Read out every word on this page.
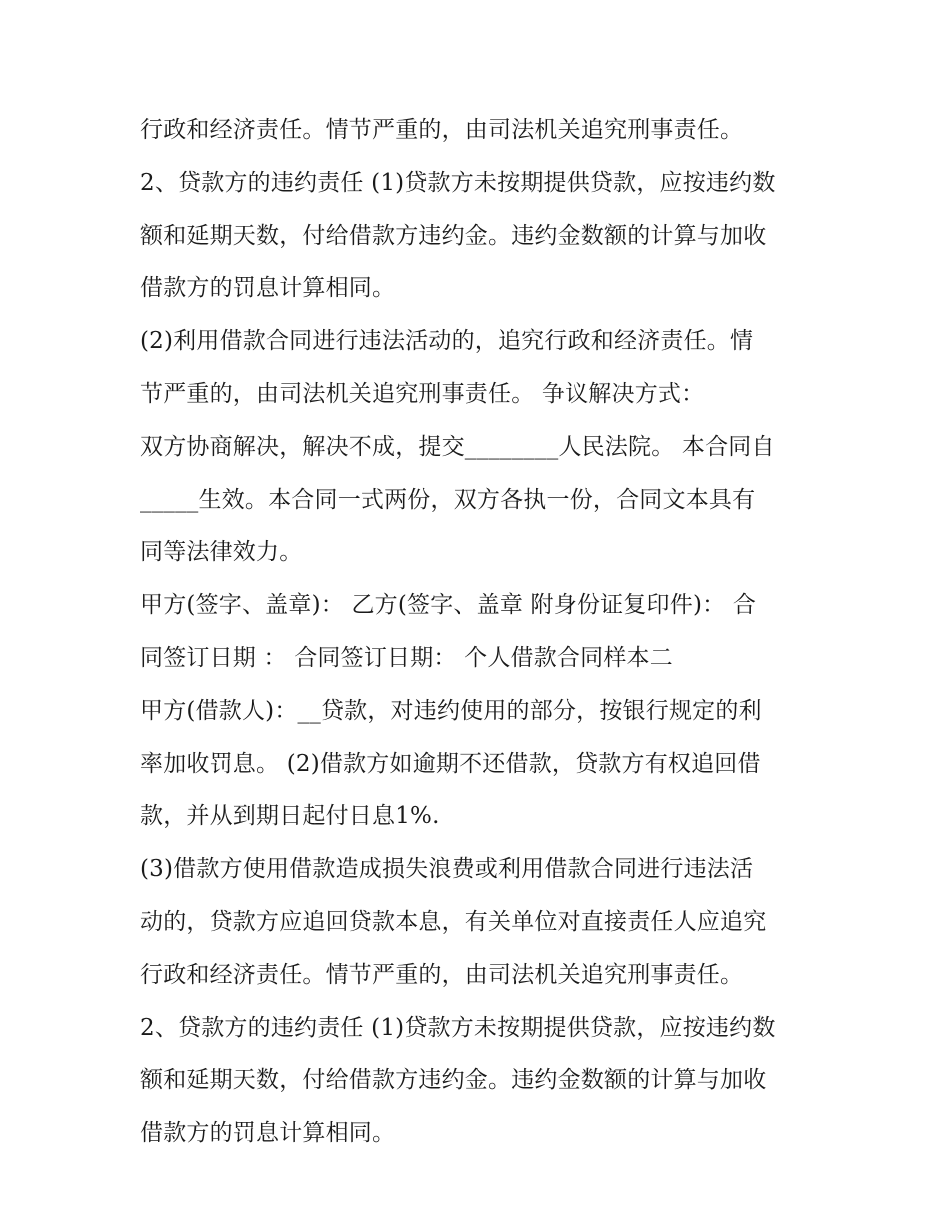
行政和经济责任。情节严重的，由司法机关追究刑事责任。
2、贷款方的违约责任 (1)贷款方未按期提供贷款，应按违约数
额和延期天数，付给借款方违约金。违约金数额的计算与加收
借款方的罚息计算相同。
(2)利用借款合同进行违法活动的，追究行政和经济责任。情
节严重的，由司法机关追究刑事责任。 争议解决方式：
双方协商解决，解决不成，提交________人民法院。 本合同自
_____生效。本合同一式两份，双方各执一份，合同文本具有
同等法律效力。
甲方(签字、盖章)： 乙方(签字、盖章 附身份证复印件)： 合
同签订日期 ： 合同签订日期： 个人借款合同样本二
甲方(借款人)：__贷款，对违约使用的部分，按银行规定的利
率加收罚息。 (2)借款方如逾期不还借款，贷款方有权追回借
款，并从到期日起付日息1%.
(3)借款方使用借款造成损失浪费或利用借款合同进行违法活
动的，贷款方应追回贷款本息，有关单位对直接责任人应追究
行政和经济责任。情节严重的，由司法机关追究刑事责任。
2、贷款方的违约责任 (1)贷款方未按期提供贷款，应按违约数
额和延期天数，付给借款方违约金。违约金数额的计算与加收
借款方的罚息计算相同。
